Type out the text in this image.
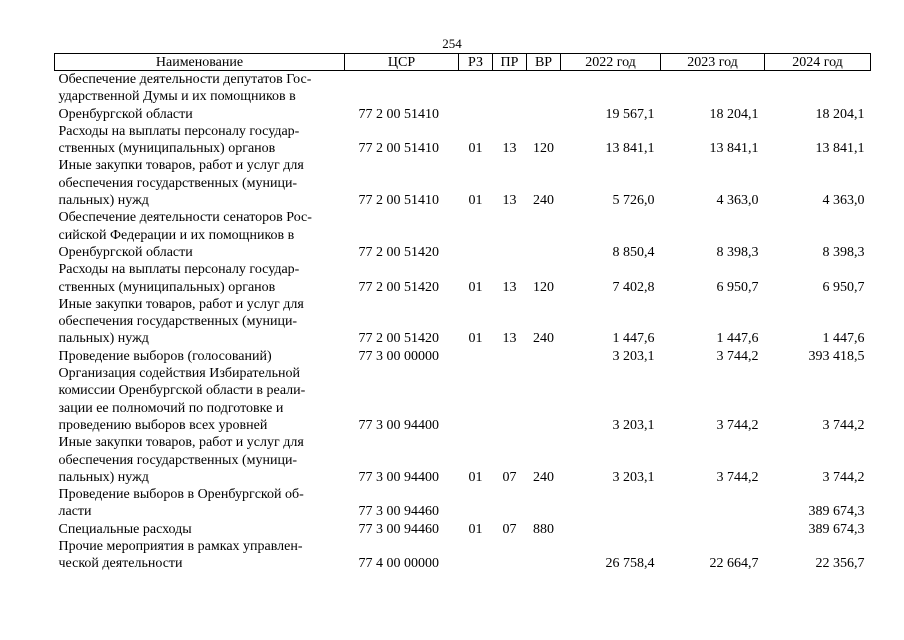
254
Наименование	ЦСР	РЗ	ПР	ВР	2022 год	2023 год	2024 год

Обеспечение деятельности депутатов Гос-
ударственной Думы и их помощников в
Оренбургской области	77 2 00 51410				19 567,1	18 204,1	18 204,1

Расходы на выплаты персоналу государ-
ственных (муниципальных) органов	77 2 00 51410	01	13	120	13 841,1	13 841,1	13 841,1

Иные закупки товаров, работ и услуг для
обеспечения государственных (муници-
пальных) нужд	77 2 00 51410	01	13	240	5 726,0	4 363,0	4 363,0

Обеспечение деятельности сенаторов Рос-
сийской Федерации и их помощников в
Оренбургской области	77 2 00 51420				8 850,4	8 398,3	8 398,3

Расходы на выплаты персоналу государ-
ственных (муниципальных) органов	77 2 00 51420	01	13	120	7 402,8	6 950,7	6 950,7

Иные закупки товаров, работ и услуг для
обеспечения государственных (муници-
пальных) нужд	77 2 00 51420	01	13	240	1 447,6	1 447,6	1 447,6

Проведение выборов (голосований)	77 3 00 00000				3 203,1	3 744,2	393 418,5

Организация содействия Избирательной
комиссии Оренбургской области в реали-
зации ее полномочий по подготовке и
проведению выборов всех уровней	77 3 00 94400				3 203,1	3 744,2	3 744,2

Иные закупки товаров, работ и услуг для
обеспечения государственных (муници-
пальных) нужд	77 3 00 94400	01	07	240	3 203,1	3 744,2	3 744,2

Проведение выборов в Оренбургской об-
ласти	77 3 00 94460						389 674,3

Специальные расходы	77 3 00 94460	01	07	880			389 674,3

Прочие мероприятия в рамках управлен-
ческой деятельности	77 4 00 00000				26 758,4	22 664,7	22 356,7
